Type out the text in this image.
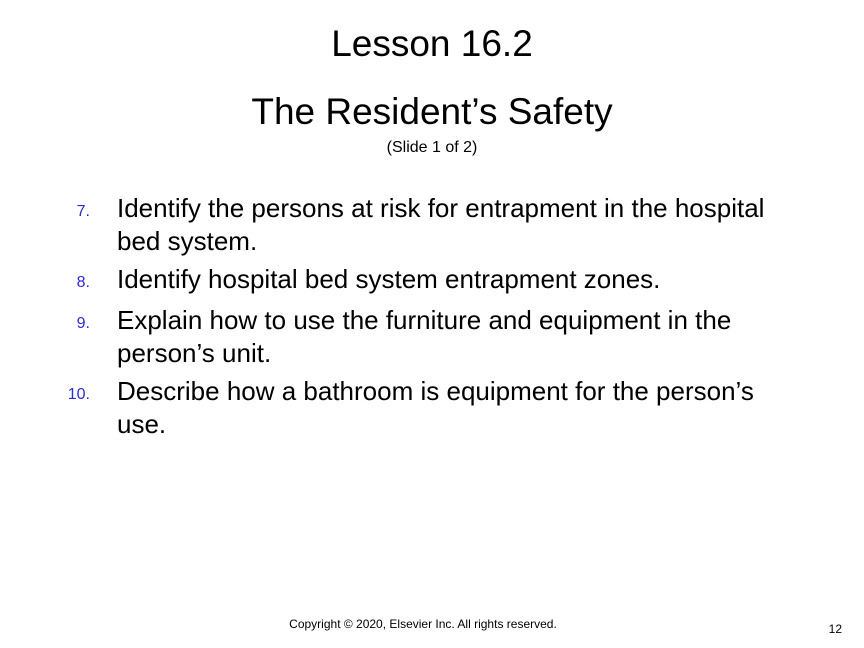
Lesson 16.2
The Resident’s Safety
(Slide 1 of 2)
7. Identify the persons at risk for entrapment in the hospital bed system.
8. Identify hospital bed system entrapment zones.
9. Explain how to use the furniture and equipment in the person’s unit.
10. Describe how a bathroom is equipment for the person’s use.
Copyright © 2020, Elsevier Inc. All rights reserved.	12
